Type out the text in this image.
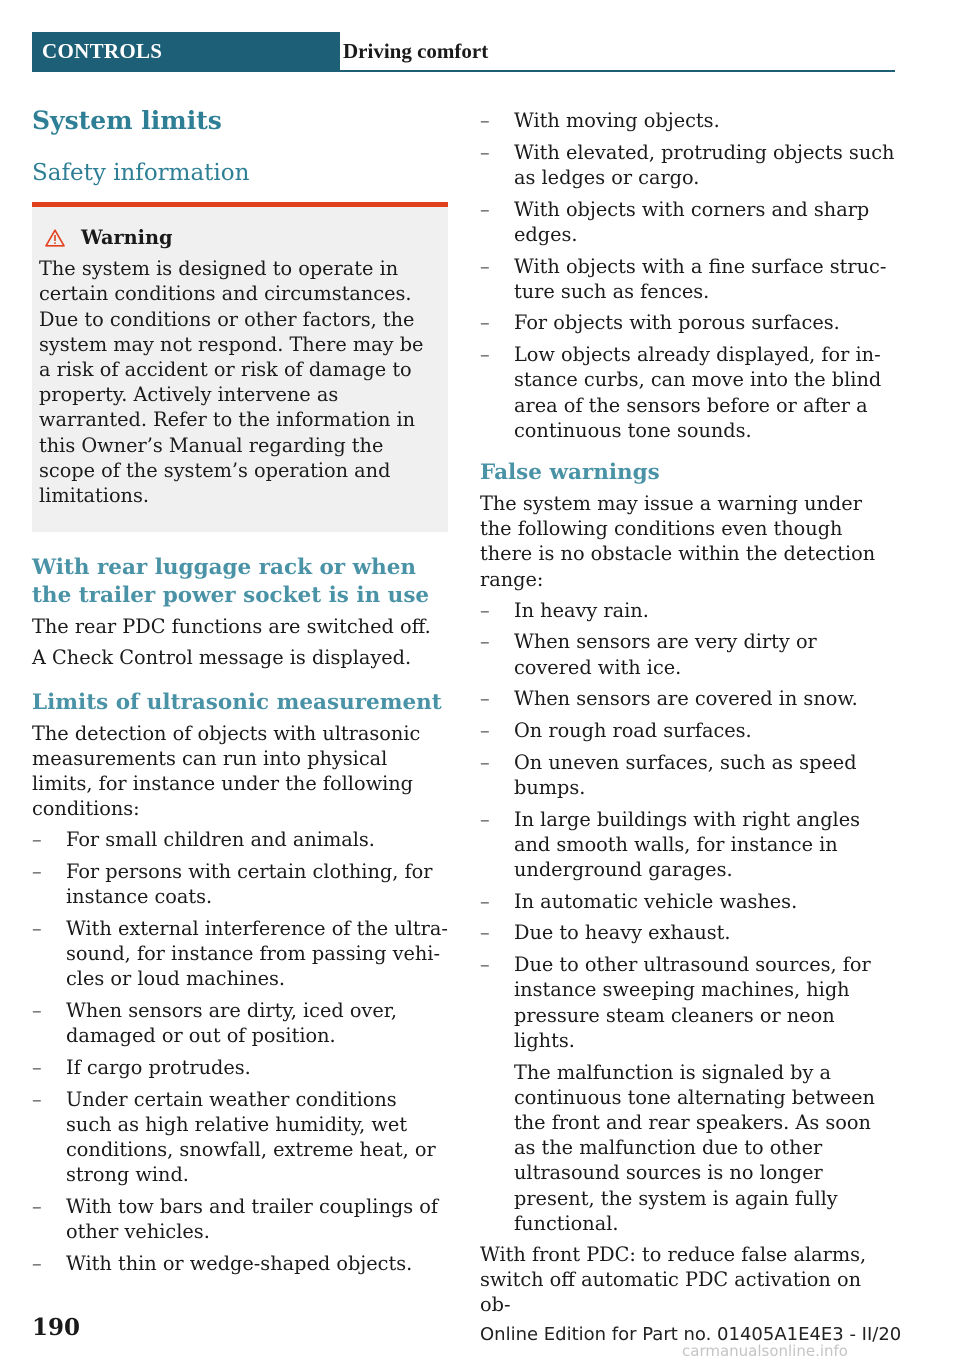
CONTROLS	Driving comfort
System limits
Safety information
Warning

The system is designed to operate in certain conditions and circumstances. Due to conditions or other factors, the system may not respond. There may be a risk of accident or risk of damage to property. Actively intervene as warranted. Refer to the information in this Owner’s Manual regarding the scope of the system’s operation and limitations.

With rear luggage rack or when the trailer power socket is in use

The rear PDC functions are switched off.

A Check Control message is displayed.

Limits of ultrasonic measurement

The detection of objects with ultrasonic measurements can run into physical limits, for instance under the following conditions:

– For small children and animals.
– For persons with certain clothing, for instance coats.
– With external interference of the ultrasound, for instance from passing vehicles or loud machines.
– When sensors are dirty, iced over, damaged or out of position.
– If cargo protrudes.
– Under certain weather conditions such as high relative humidity, wet conditions, snowfall, extreme heat, or strong wind.
– With tow bars and trailer couplings of other vehicles.
– With thin or wedge-shaped objects.
– With moving objects.
– With elevated, protruding objects such as ledges or cargo.
– With objects with corners and sharp edges.
– With objects with a fine surface structure such as fences.
– For objects with porous surfaces.
– Low objects already displayed, for instance curbs, can move into the blind area of the sensors before or after a continuous tone sounds.
False warnings

The system may issue a warning under the following conditions even though there is no obstacle within the detection range:

– In heavy rain.
– When sensors are very dirty or covered with ice.
– When sensors are covered in snow.
– On rough road surfaces.
– On uneven surfaces, such as speed bumps.
– In large buildings with right angles and smooth walls, for instance in underground garages.
– In automatic vehicle washes.
– Due to heavy exhaust.
– Due to other ultrasound sources, for instance sweeping machines, high pressure steam cleaners or neon lights.

The malfunction is signaled by a continuous tone alternating between the front and rear speakers. As soon as the malfunction due to other ultrasound sources is no longer present, the system is again fully functional.

With front PDC: to reduce false alarms, switch off automatic PDC activation on ob-

190	Online Edition for Part no. 01405A1E4E3 - II/20
carmanualsonline.info
